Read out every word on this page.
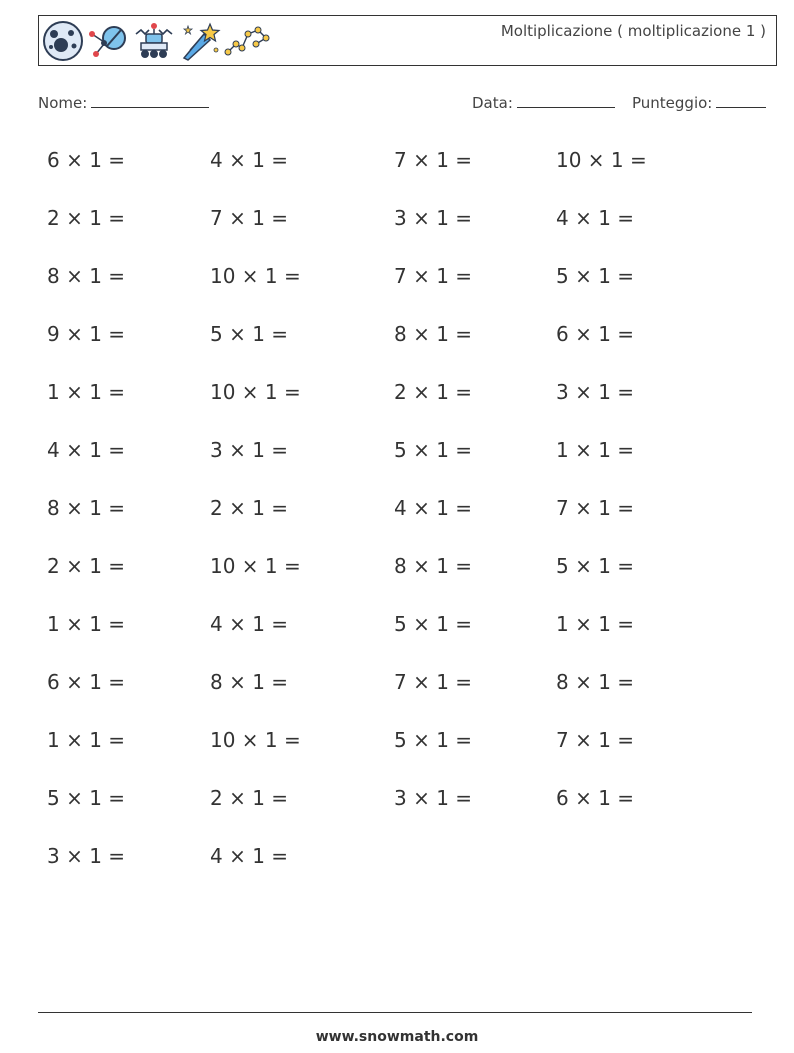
Moltiplicazione ( moltiplicazione 1 )
Nome:	Data:	Punteggio:
6 × 1 =	4 × 1 =	7 × 1 =	10 × 1 =
2 × 1 =	7 × 1 =	3 × 1 =	4 × 1 =
8 × 1 =	10 × 1 =	7 × 1 =	5 × 1 =
9 × 1 =	5 × 1 =	8 × 1 =	6 × 1 =
1 × 1 =	10 × 1 =	2 × 1 =	3 × 1 =
4 × 1 =	3 × 1 =	5 × 1 =	1 × 1 =
8 × 1 =	2 × 1 =	4 × 1 =	7 × 1 =
2 × 1 =	10 × 1 =	8 × 1 =	5 × 1 =
1 × 1 =	4 × 1 =	5 × 1 =	1 × 1 =
6 × 1 =	8 × 1 =	7 × 1 =	8 × 1 =
1 × 1 =	10 × 1 =	5 × 1 =	7 × 1 =
5 × 1 =	2 × 1 =	3 × 1 =	6 × 1 =
3 × 1 =	4 × 1 =
www.snowmath.com
